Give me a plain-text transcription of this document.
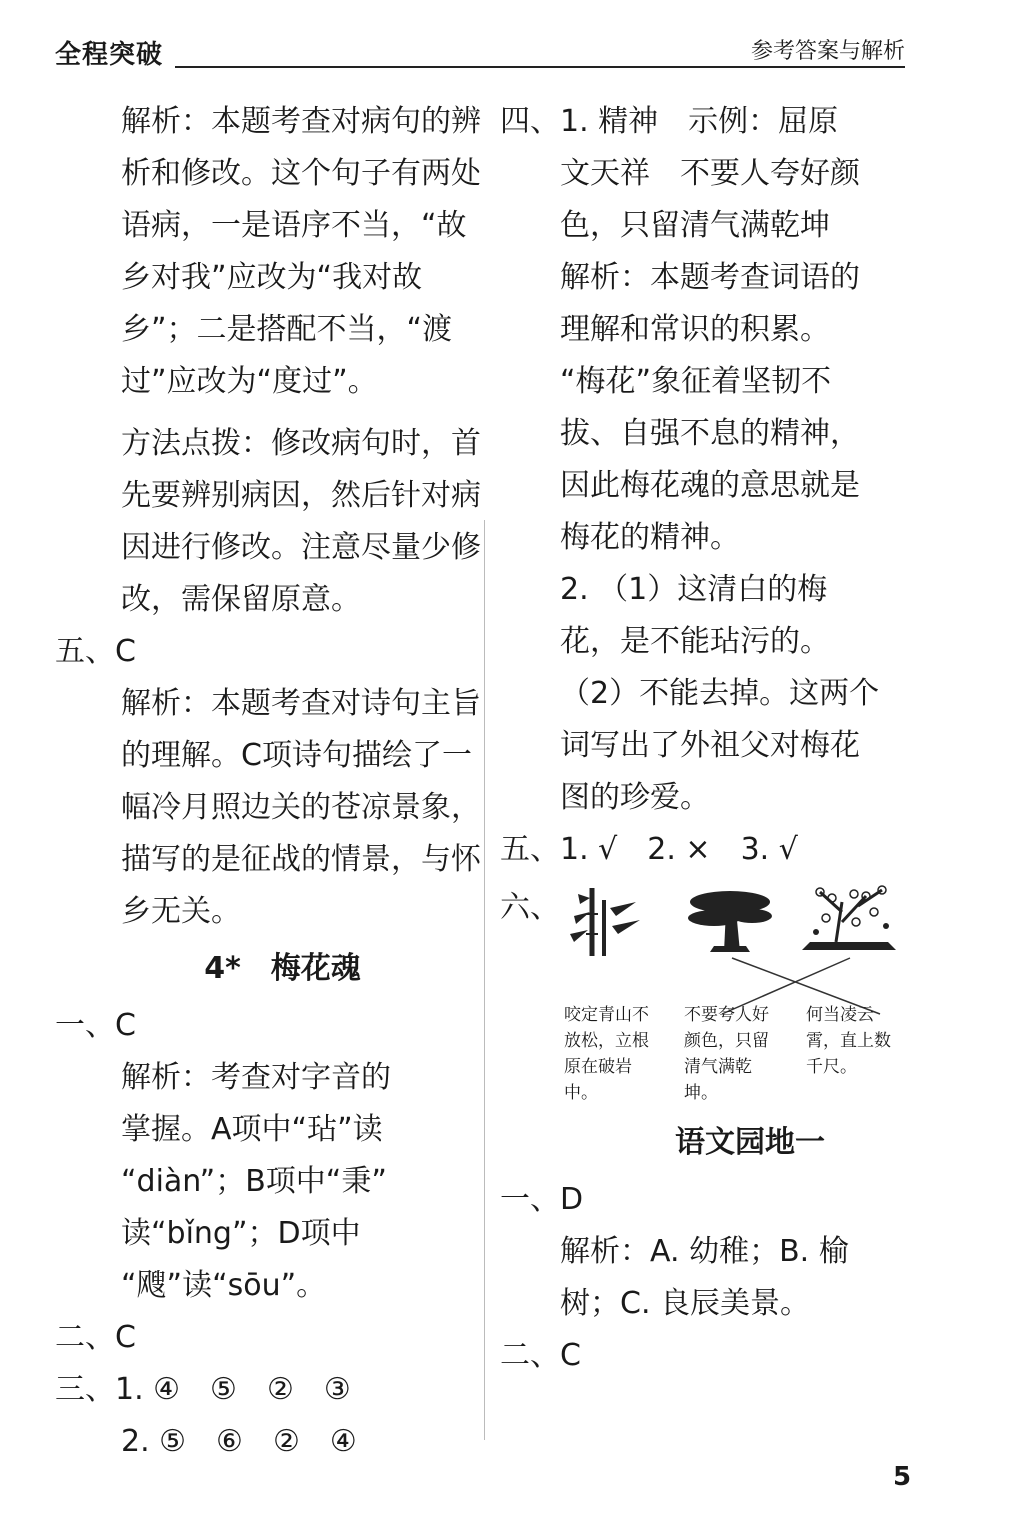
全程突破	参考答案与解析
解析：本题考查对病句的辨
析和修改。这个句子有两处
语病，一是语序不当，“故
乡对我”应改为“我对故
乡”；二是搭配不当，“渡
过”应改为“度过”。
方法点拨：修改病句时，首
先要辨别病因，然后针对病
因进行修改。注意尽量少修
改，需保留原意。
五、C
解析：本题考查对诗句主旨
的理解。C项诗句描绘了一
幅冷月照边关的苍凉景象，
描写的是征战的情景，与怀
乡无关。
4*　梅花魂
一、C
解析：考查对字音的
掌握。A项中“玷”读
“diàn”；B项中“秉”
读“bǐng”；D项中
“飕”读“sōu”。
二、C
三、1. ④　⑤　②　③
2. ⑤　⑥　②　④
四、1. 精神　示例：屈原
文天祥　不要人夸好颜
色，只留清气满乾坤
解析：本题考查词语的
理解和常识的积累。
“梅花”象征着坚韧不
拔、自强不息的精神，
因此梅花魂的意思就是
梅花的精神。
2. （1）这清白的梅
花，是不能玷污的。
（2）不能去掉。这两个
词写出了外祖父对梅花
图的珍爱。
五、1. √　2. ×　3. √
六、
咬定青山不放松，立根原在破岩中。
不要夸人好颜色，只留清气满乾坤。
何当凌云霄，直上数千尺。
语文园地一
一、D
解析：A. 幼稚；B. 榆
树；C. 良辰美景。
二、C
5
